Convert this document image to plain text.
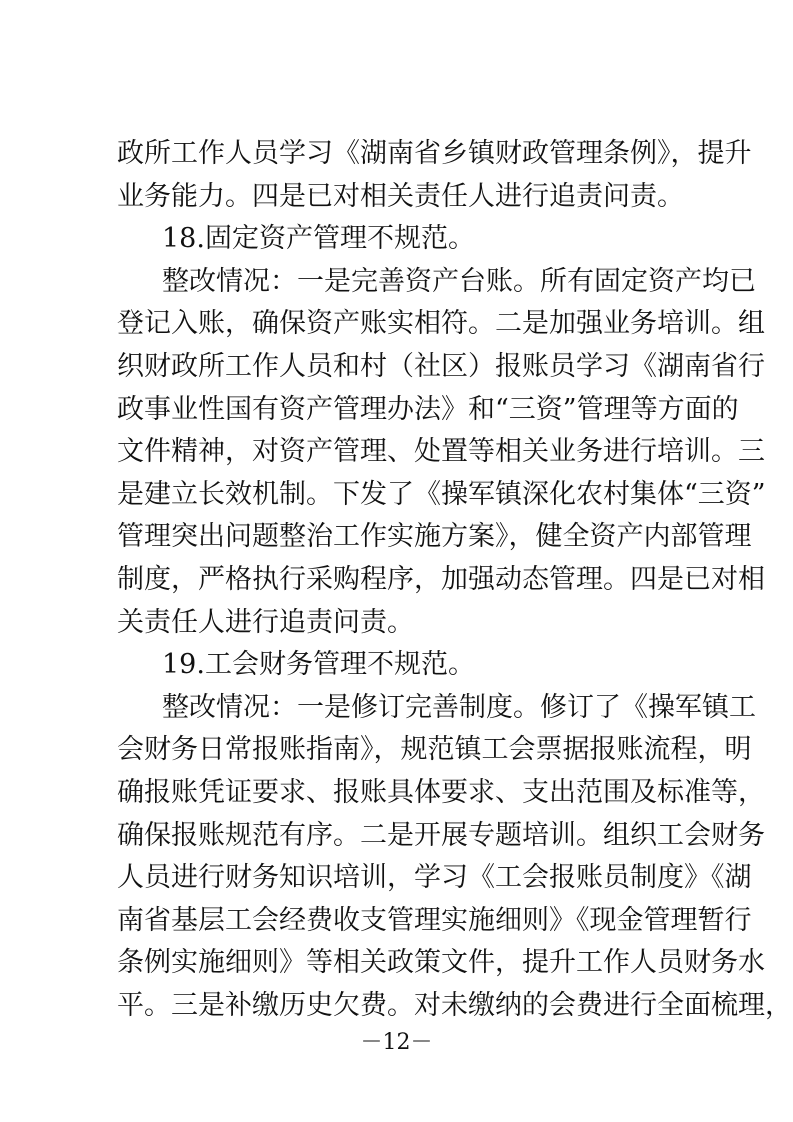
政所工作人员学习《湖南省乡镇财政管理条例》，提升
业务能力。四是已对相关责任人进行追责问责。
18.固定资产管理不规范。
整改情况：一是完善资产台账。所有固定资产均已
登记入账，确保资产账实相符。二是加强业务培训。组
织财政所工作人员和村（社区）报账员学习《湖南省行
政事业性国有资产管理办法》和“三资”管理等方面的
文件精神，对资产管理、处置等相关业务进行培训。三
是建立长效机制。下发了《操军镇深化农村集体“三资”
管理突出问题整治工作实施方案》，健全资产内部管理
制度，严格执行采购程序，加强动态管理。四是已对相
关责任人进行追责问责。
19.工会财务管理不规范。
整改情况：一是修订完善制度。修订了《操军镇工
会财务日常报账指南》，规范镇工会票据报账流程，明
确报账凭证要求、报账具体要求、支出范围及标准等，
确保报账规范有序。二是开展专题培训。组织工会财务
人员进行财务知识培训，学习《工会报账员制度》《湖
南省基层工会经费收支管理实施细则》《现金管理暂行
条例实施细则》等相关政策文件，提升工作人员财务水
平。三是补缴历史欠费。对未缴纳的会费进行全面梳理，
－12－
